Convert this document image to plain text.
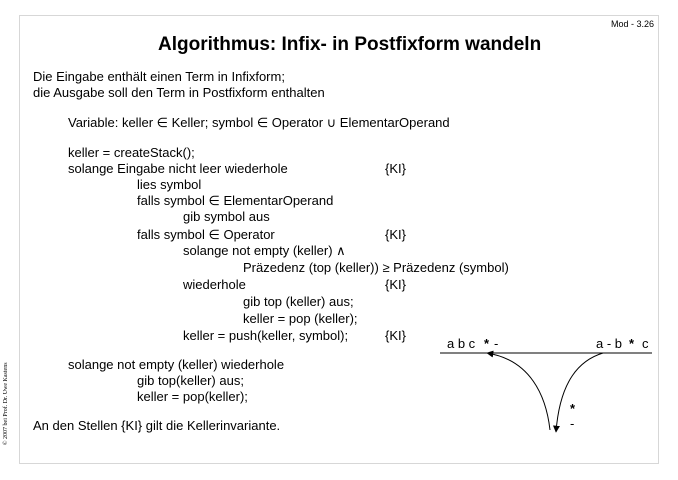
Mod - 3.26
Algorithmus: Infix- in Postfixform wandeln
Die Eingabe enthält einen Term in Infixform;
die Ausgabe soll den Term in Postfixform enthalten
Variable: keller ∈ Keller; symbol ∈ Operator ∪ ElementarOperand
keller = createStack();
solange Eingabe nicht leer wiederhole	{KI}
lies symbol
falls symbol ∈ ElementarOperand
gib symbol aus
falls symbol ∈ Operator	{KI}
solange not empty (keller) ∧
Präzedenz (top (keller)) ≥ Präzedenz (symbol)
wiederhole	{KI}
gib top (keller) aus;
keller = pop (keller);
keller = push(keller, symbol);	{KI}
solange not empty (keller) wiederhole
gib top(keller) aus;
keller = pop(keller);
An den Stellen {KI} gilt die Kellerinvariante.
© 2007 bei Prof. Dr. Uwe Kastens
a b c * -	a - b * c
*
-
